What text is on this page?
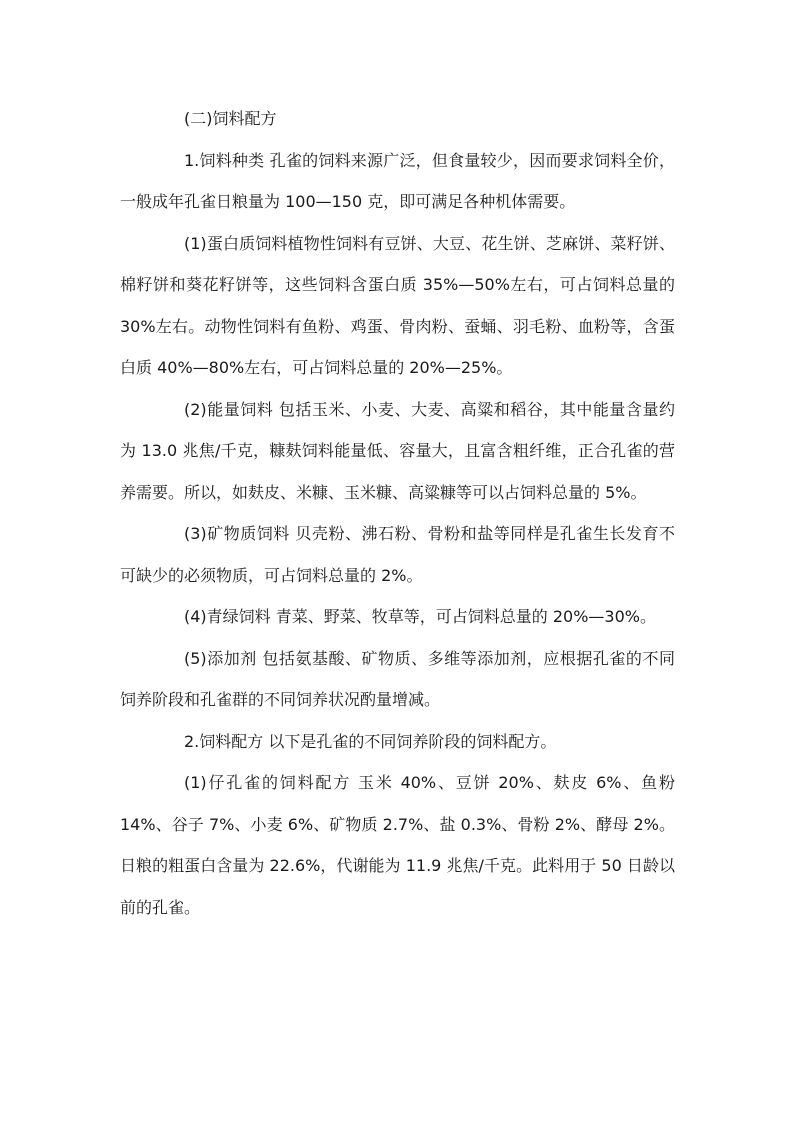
(二)饲料配方

1.饲料种类 孔雀的饲料来源广泛，但食量较少，因而要求饲料全价，一般成年孔雀日粮量为 100—150 克，即可满足各种机体需要。

(1)蛋白质饲料植物性饲料有豆饼、大豆、花生饼、芝麻饼、菜籽饼、棉籽饼和葵花籽饼等，这些饲料含蛋白质 35%—50%左右，可占饲料总量的 30%左右。动物性饲料有鱼粉、鸡蛋、骨肉粉、蚕蛹、羽毛粉、血粉等，含蛋白质 40%—80%左右，可占饲料总量的 20%—25%。

(2)能量饲料 包括玉米、小麦、大麦、高粱和稻谷，其中能量含量约为 13.0 兆焦/千克，糠麸饲料能量低、容量大，且富含粗纤维，正合孔雀的营养需要。所以，如麸皮、米糠、玉米糠、高粱糠等可以占饲料总量的 5%。

(3)矿物质饲料 贝壳粉、沸石粉、骨粉和盐等同样是孔雀生长发育不可缺少的必须物质，可占饲料总量的 2%。

(4)青绿饲料 青菜、野菜、牧草等，可占饲料总量的 20%—30%。

(5)添加剂 包括氨基酸、矿物质、多维等添加剂，应根据孔雀的不同饲养阶段和孔雀群的不同饲养状况酌量增减。

2.饲料配方 以下是孔雀的不同饲养阶段的饲料配方。

(1)仔孔雀的饲料配方 玉米 40%、豆饼 20%、麸皮 6%、鱼粉 14%、谷子 7%、小麦 6%、矿物质 2.7%、盐 0.3%、骨粉 2%、酵母 2%。日粮的粗蛋白含量为 22.6%，代谢能为 11.9 兆焦/千克。此料用于 50 日龄以前的孔雀。
